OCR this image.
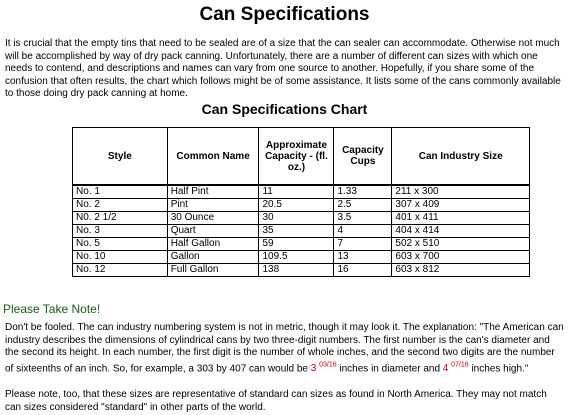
Can Specifications
It is crucial that the empty tins that need to be sealed are of a size that the can sealer can accommodate. Otherwise not much will be accomplished by way of dry pack canning. Unfortunately, there are a number of different can sizes with which one needs to contend, and descriptions and names can vary from one source to another. Hopefully, if you share some of the confusion that often results, the chart which follows might be of some assistance. It lists some of the cans commonly available to those doing dry pack canning at home.
Can Specifications Chart
Style	Common Name	Approximate Capacity - (fl. oz.)	Capacity Cups	Can Industry Size
No. 1	Half Pint	11	1.33	211 x 300
No. 2	Pint	20.5	2.5	307 x 409
N0. 2 1/2	30 Ounce	30	3.5	401 x 411
No. 3	Quart	35	4	404 x 414
No. 5	Half Gallon	59	7	502 x 510
No. 10	Gallon	109.5	13	603 x 700
No. 12	Full Gallon	138	16	603 x 812
Please Take Note!
Don't be fooled. The can industry numbering system is not in metric, though it may look it. The explanation: "The American can industry describes the dimensions of cylindrical cans by two three-digit numbers. The first number is the can's diameter and the second its height. In each number, the first digit is the number of whole inches, and the second two digits are the number of sixteenths of an inch. So, for example, a 303 by 407 can would be 3 $^{03/16}$ inches in diameter and 4 $^{07/16}$ inches high."
Please note, too, that these sizes are representative of standard can sizes as found in North America. They may not match can sizes considered "standard" in other parts of the world.
